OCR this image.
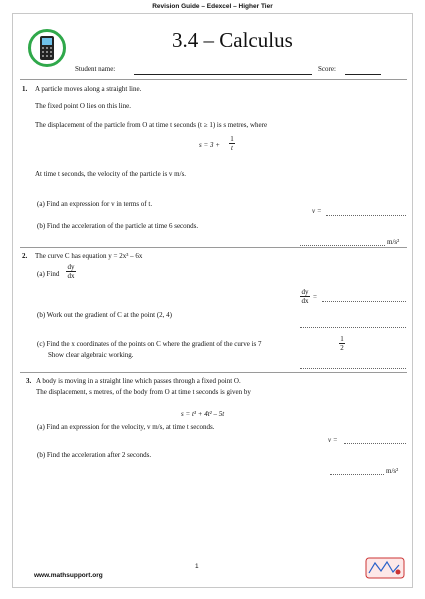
Revision Guide – Edexcel – Higher Tier
3.4 – Calculus
Student name:	Score:
1. A particle moves along a straight line.
The fixed point O lies on this line.
The displacement of the particle from O at time t seconds (t ≥ 1) is s metres, where
s = 3 +
1
t
At time t seconds, the velocity of the particle is v m/s.
(a) Find an expression for v in terms of t.
v =
(b) Find the acceleration of the particle at time 6 seconds.
m/s²
2. The curve C has equation y = 2x³ – 6x
(a) Find
dy
dx
dy
dx =
(b) Work out the gradient of C at the point (2, 4)
(c) Find the x coordinates of the points on C where the gradient of the curve is 7
1
2
Show clear algebraic working.
3. A body is moving in a straight line which passes through a fixed point O.
The displacement, s metres, of the body from O at time t seconds is given by
s = t³ + 4t² – 5t
(a) Find an expression for the velocity, v m/s, at time t seconds.
v =
(b) Find the acceleration after 2 seconds.
m/s²
www.mathsupport.org
1
